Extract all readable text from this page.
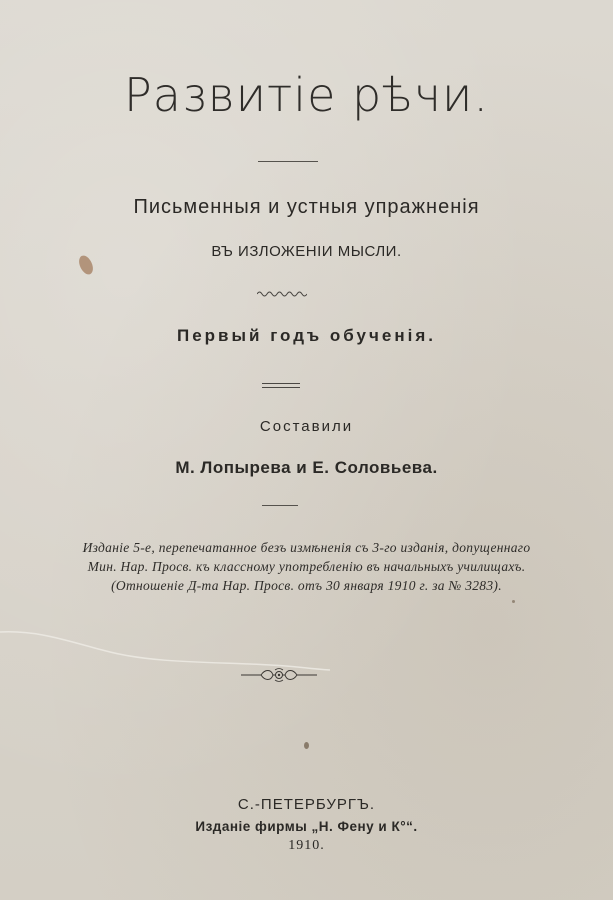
Развитіе рѣчи.
Письменныя и устныя упражненія
ВЪ ИЗЛОЖЕНІИ МЫСЛИ.
Первый годъ обученія.
Составили
М. Лопырева и Е. Соловьева.
Изданіе 5-е, перепечатанное безъ измѣненія съ 3-го изданія, допущеннаго
Мин. Нар. Просв. къ классному употребленію въ начальныхъ училищахъ.
(Отношеніе Д-та Нар. Просв. отъ 30 января 1910 г. за № 3283).
С.-ПЕТЕРБУРГЪ.
Изданіе фирмы „Н. Фену и К°“.
1910.
